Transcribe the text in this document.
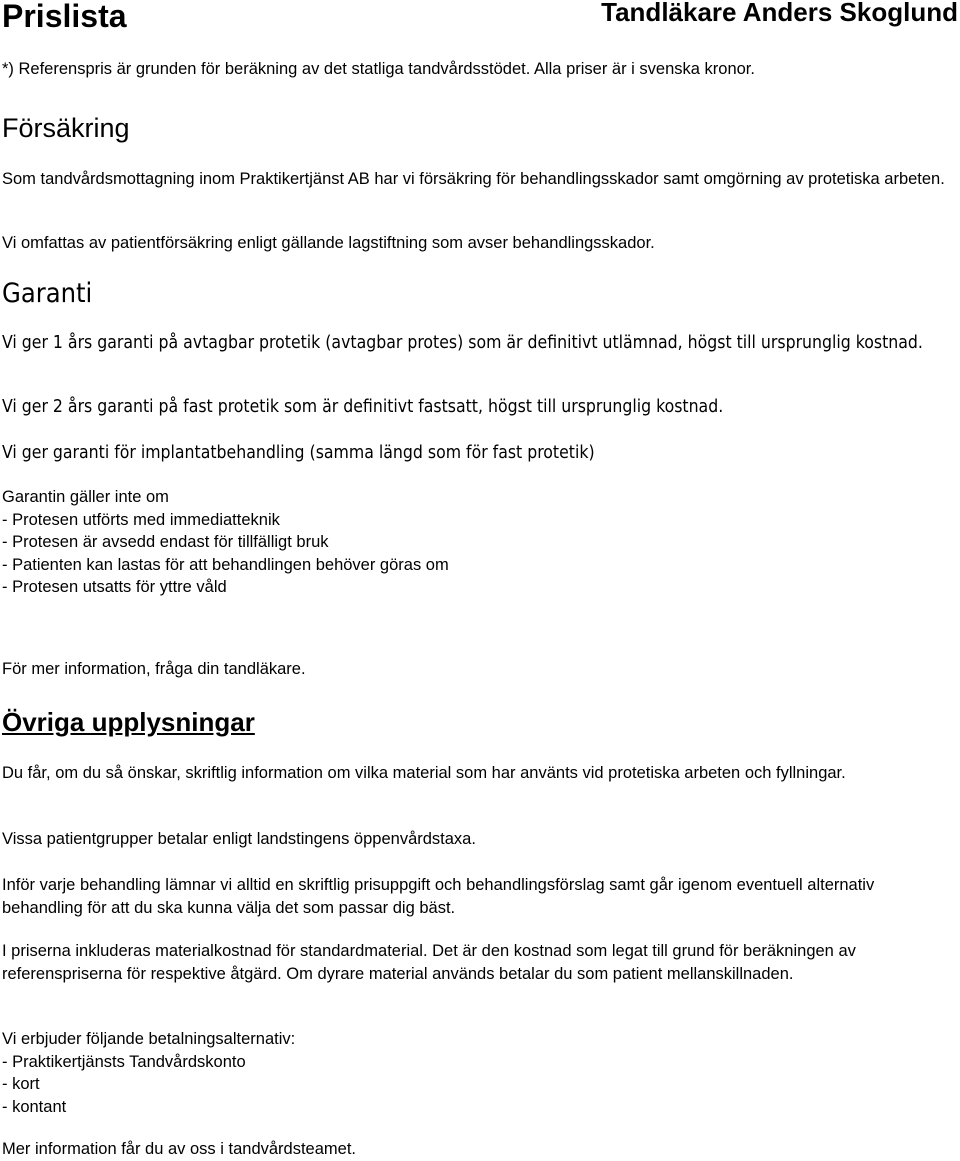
Prislista	Tandläkare Anders Skoglund

*) Referenspris är grunden för beräkning av det statliga tandvårdsstödet. Alla priser är i svenska kronor.

Försäkring

Som tandvårdsmottagning inom Praktikertjänst AB har vi försäkring för behandlingsskador samt omgörning av protetiska arbeten.

Vi omfattas av patientförsäkring enligt gällande lagstiftning som avser behandlingsskador.

Garanti

Vi ger 1 års garanti på avtagbar protetik (avtagbar protes) som är definitivt utlämnad, högst till ursprunglig kostnad.

Vi ger 2 års garanti på fast protetik som är definitivt fastsatt, högst till ursprunglig kostnad.

Vi ger garanti för implantatbehandling (samma längd som för fast protetik)

Garantin gäller inte om
- Protesen utförts med immediatteknik
- Protesen är avsedd endast för tillfälligt bruk
- Patienten kan lastas för att behandlingen behöver göras om
- Protesen utsatts för yttre våld

För mer information, fråga din tandläkare.

Övriga upplysningar

Du får, om du så önskar, skriftlig information om vilka material som har använts vid protetiska arbeten och fyllningar.

Vissa patientgrupper betalar enligt landstingens öppenvårdstaxa.

Inför varje behandling lämnar vi alltid en skriftlig prisuppgift och behandlingsförslag samt går igenom eventuell alternativ behandling för att du ska kunna välja det som passar dig bäst.

I priserna inkluderas materialkostnad för standardmaterial. Det är den kostnad som legat till grund för beräkningen av referenspriserna för respektive åtgärd. Om dyrare material används betalar du som patient mellanskillnaden.

Vi erbjuder följande betalningsalternativ:
- Praktikertjänsts Tandvårdskonto
- kort
- kontant

Mer information får du av oss i tandvårdsteamet.
